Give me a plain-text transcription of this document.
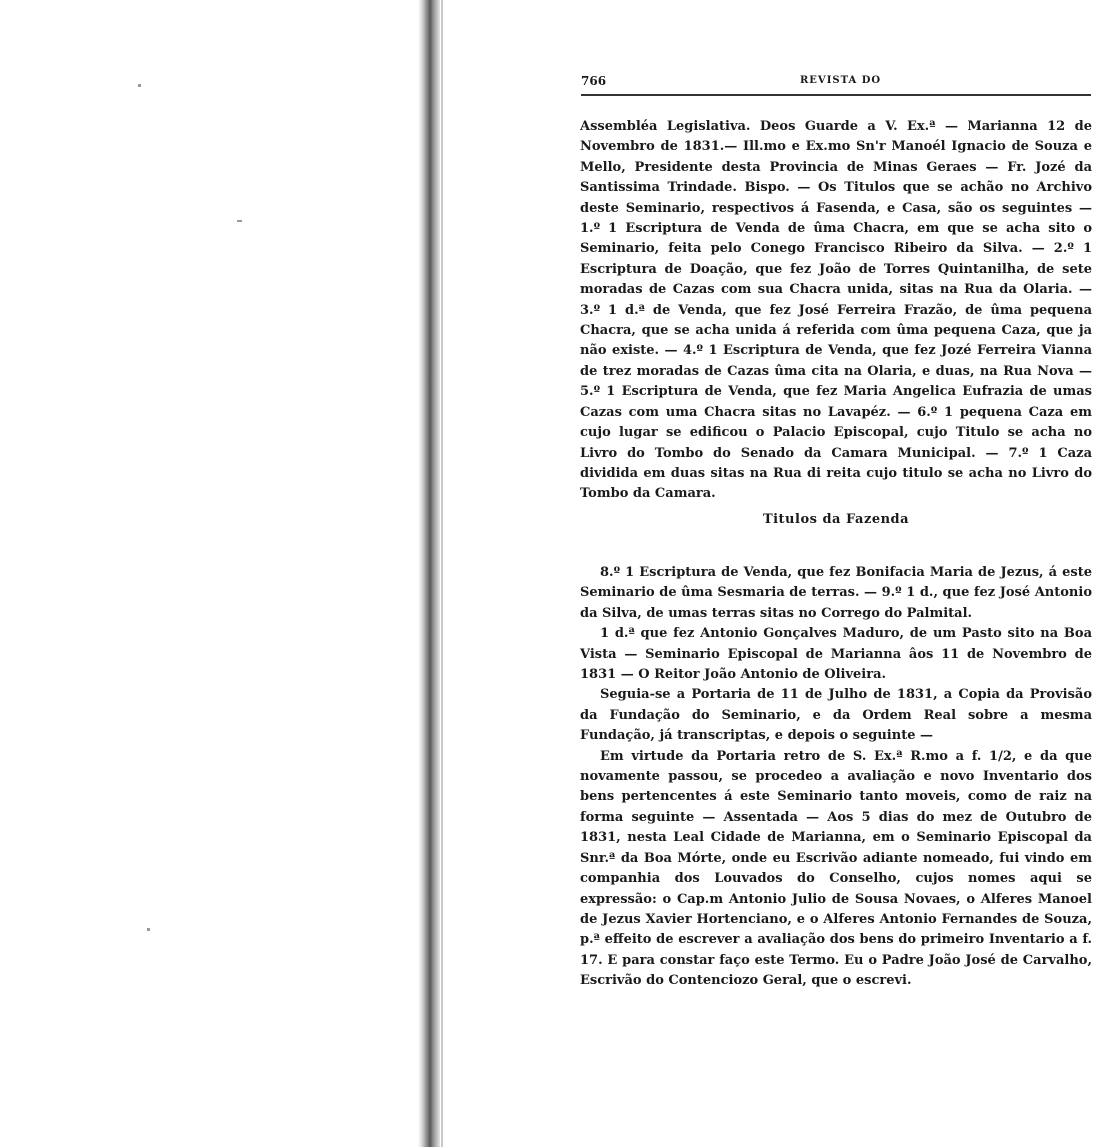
766	REVISTA DO

Assembléa Legislativa. Deos Guarde a V. Ex.ª — Marianna 12 de Novembro de 1831.— Ill.mo e Ex.mo Sn'r Manoél Ignacio de Souza e Mello, Presidente desta Provincia de Minas Geraes — Fr. Jozé da Santissima Trindade. Bispo. — Os Titulos que se achão no Archivo deste Seminario, respectivos á Fasenda, e Casa, são os seguintes — 1.º 1 Escriptura de Venda de ûma Chacra, em que se acha sito o Seminario, feita pelo Conego Francisco Ribeiro da Silva. — 2.º 1 Escriptura de Doação, que fez João de Torres Quintanilha, de sete moradas de Cazas com sua Chacra unida, sitas na Rua da Olaria. — 3.º 1 d.ª de Venda, que fez José Ferreira Frazão, de ûma pequena Chacra, que se acha unida á referida com ûma pequena Caza, que ja não existe. — 4.º 1 Escriptura de Venda, que fez Jozé Ferreira Vianna de trez moradas de Cazas ûma cita na Olaria, e duas, na Rua Nova — 5.º 1 Escriptura de Venda, que fez Maria Angelica Eufrazia de umas Cazas com uma Chacra sitas no Lavapéz. — 6.º 1 pequena Caza em cujo lugar se edificou o Palacio Episcopal, cujo Titulo se acha no Livro do Tombo do Senado da Camara Municipal. — 7.º 1 Caza dividida em duas sitas na Rua di reita cujo titulo se acha no Livro do Tombo da Camara.

Titulos da Fazenda

8.º 1 Escriptura de Venda, que fez Bonifacia Maria de Jezus, á este Seminario de ûma Sesmaria de terras. — 9.º 1 d., que fez José Antonio da Silva, de umas terras sitas no Corrego do Palmital.

1 d.ª que fez Antonio Gonçalves Maduro, de um Pasto sito na Boa Vista — Seminario Episcopal de Marianna âos 11 de Novembro de 1831 — O Reitor João Antonio de Oliveira.

Seguia-se a Portaria de 11 de Julho de 1831, a Copia da Provisão da Fundação do Seminario, e da Ordem Real sobre a mesma Fundação, já transcriptas, e depois o seguinte —

Em virtude da Portaria retro de S. Ex.ª R.mo a f. 1/2, e da que novamente passou, se procedeo a avaliação e novo Inventario dos bens pertencentes á este Seminario tanto moveis, como de raiz na forma seguinte — Assentada — Aos 5 dias do mez de Outubro de 1831, nesta Leal Cidade de Marianna, em o Seminario Episcopal da Snr.ª da Boa Mórte, onde eu Escrivão adiante nomeado, fui vindo em companhia dos Louvados do Conselho, cujos nomes aqui se expressão: o Cap.m Antonio Julio de Sousa Novaes, o Alferes Manoel de Jezus Xavier Hortenciano, e o Alferes Antonio Fernandes de Souza, p.ª effeito de escrever a avaliação dos bens do primeiro Inventario a f. 17. E para constar faço este Termo. Eu o Padre João José de Carvalho, Escrivão do Contenciozo Geral, que o escrevi.
